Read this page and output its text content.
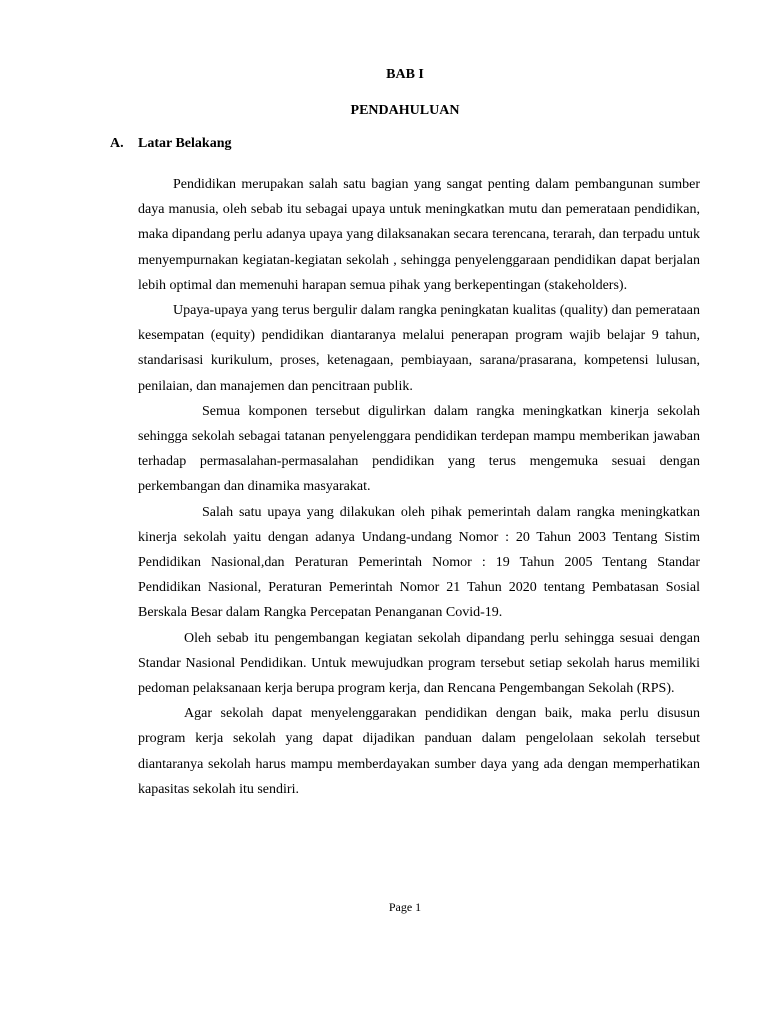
BAB I
PENDAHULUAN
A. Latar Belakang

Pendidikan merupakan salah satu bagian yang sangat penting dalam pembangunan sumber daya manusia, oleh sebab itu sebagai upaya untuk meningkatkan mutu dan pemerataan pendidikan, maka dipandang perlu adanya upaya yang dilaksanakan secara terencana, terarah, dan terpadu untuk menyempurnakan kegiatan-kegiatan sekolah , sehingga penyelenggaraan pendidikan dapat berjalan lebih optimal dan memenuhi harapan semua pihak yang berkepentingan (stakeholders).

Upaya-upaya yang terus bergulir dalam rangka peningkatan kualitas (quality) dan pemerataan kesempatan (equity) pendidikan diantaranya melalui penerapan program wajib belajar 9 tahun, standarisasi kurikulum, proses, ketenagaan, pembiayaan, sarana/prasarana, kompetensi lulusan, penilaian, dan manajemen dan pencitraan publik.

Semua komponen tersebut digulirkan dalam rangka meningkatkan kinerja sekolah sehingga sekolah sebagai tatanan penyelenggara pendidikan terdepan mampu memberikan jawaban terhadap permasalahan-permasalahan pendidikan yang terus mengemuka sesuai dengan perkembangan dan dinamika masyarakat.

Salah satu upaya yang dilakukan oleh pihak pemerintah dalam rangka meningkatkan kinerja sekolah yaitu dengan adanya Undang-undang Nomor : 20 Tahun 2003 Tentang Sistim Pendidikan Nasional,dan Peraturan Pemerintah Nomor : 19 Tahun 2005 Tentang Standar Pendidikan Nasional, Peraturan Pemerintah Nomor 21 Tahun 2020 tentang Pembatasan Sosial Berskala Besar dalam Rangka Percepatan Penanganan Covid-19.

Oleh sebab itu pengembangan kegiatan sekolah dipandang perlu sehingga sesuai dengan Standar Nasional Pendidikan. Untuk mewujudkan program tersebut setiap sekolah harus memiliki pedoman pelaksanaan kerja berupa program kerja, dan Rencana Pengembangan Sekolah (RPS).

Agar sekolah dapat menyelenggarakan pendidikan dengan baik, maka perlu disusun program kerja sekolah yang dapat dijadikan panduan dalam pengelolaan sekolah tersebut diantaranya sekolah harus mampu memberdayakan sumber daya yang ada dengan memperhatikan kapasitas sekolah itu sendiri.

Page 1
